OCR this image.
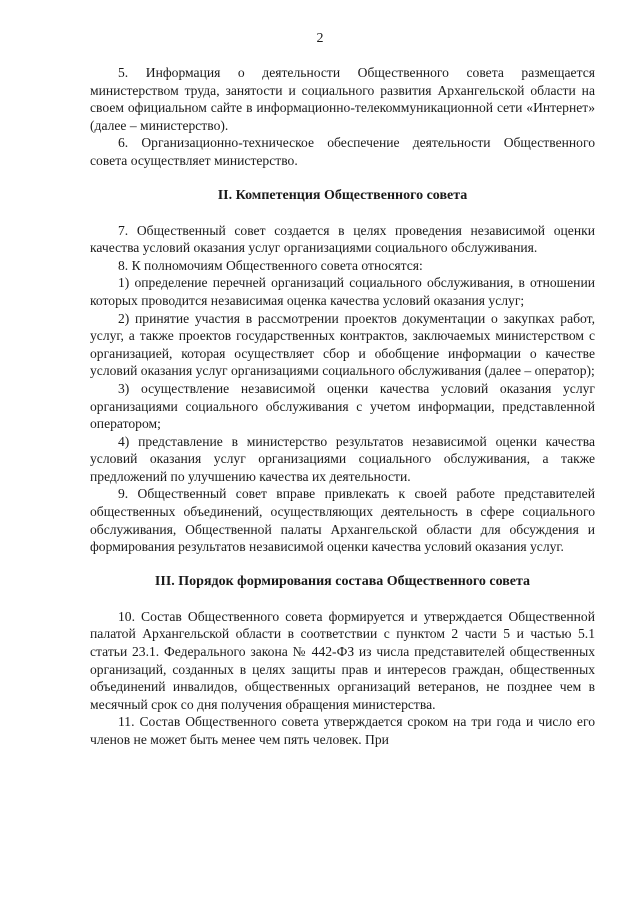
2

5. Информация о деятельности Общественного совета размещается министерством труда, занятости и социального развития Архангельской области на своем официальном сайте в информационно-телекоммуникационной сети «Интернет» (далее – министерство).

6. Организационно-техническое обеспечение деятельности Общественного совета осуществляет министерство.

II. Компетенция Общественного совета

7. Общественный совет создается в целях проведения независимой оценки качества условий оказания услуг организациями социального обслуживания.

8. К полномочиям Общественного совета относятся:

1) определение перечней организаций социального обслуживания, в отношении которых проводится независимая оценка качества условий оказания услуг;

2) принятие участия в рассмотрении проектов документации о закупках работ, услуг, а также проектов государственных контрактов, заключаемых министерством с организацией, которая осуществляет сбор и обобщение информации о качестве условий оказания услуг организациями социального обслуживания (далее – оператор);

3) осуществление независимой оценки качества условий оказания услуг организациями социального обслуживания с учетом информации, представленной оператором;

4) представление в министерство результатов независимой оценки качества условий оказания услуг организациями социального обслуживания, а также предложений по улучшению качества их деятельности.

9. Общественный совет вправе привлекать к своей работе представителей общественных объединений, осуществляющих деятельность в сфере социального обслуживания, Общественной палаты Архангельской области для обсуждения и формирования результатов независимой оценки качества условий оказания услуг.

III. Порядок формирования состава Общественного совета

10. Состав Общественного совета формируется и утверждается Общественной палатой Архангельской области в соответствии с пунктом 2 части 5 и частью 5.1 статьи 23.1. Федерального закона № 442-ФЗ из числа представителей общественных организаций, созданных в целях защиты прав и интересов граждан, общественных объединений инвалидов, общественных организаций ветеранов, не позднее чем в месячный срок со дня получения обращения министерства.

11. Состав Общественного совета утверждается сроком на три года и число его членов не может быть менее чем пять человек. При
